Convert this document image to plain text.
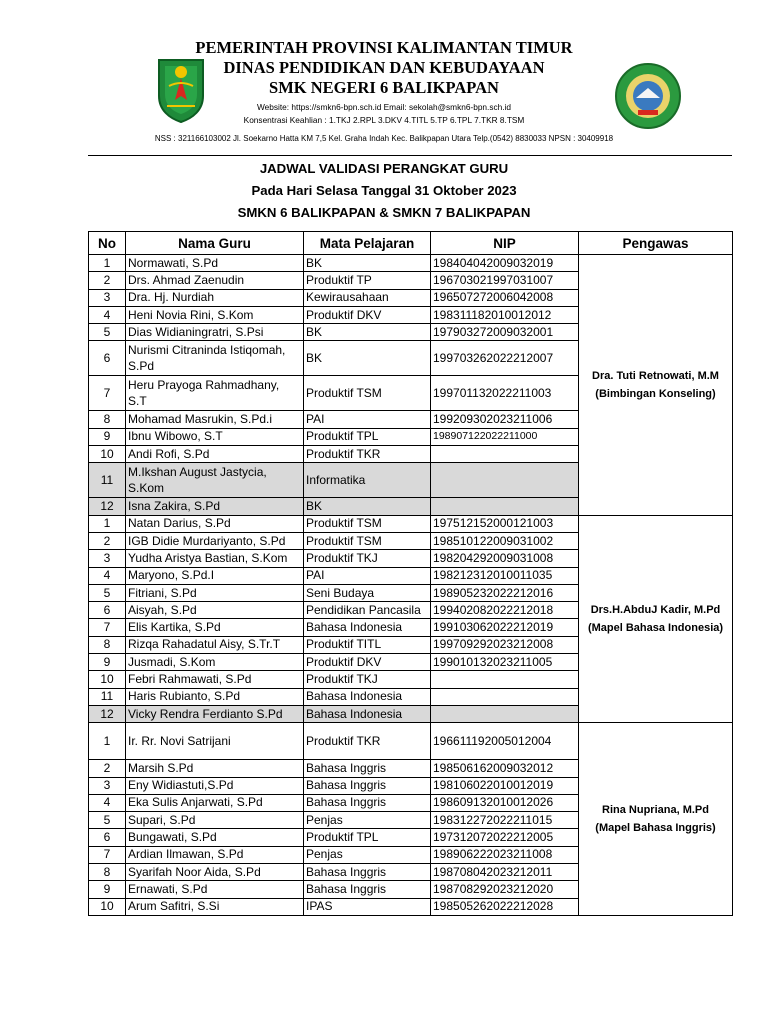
PEMERINTAH PROVINSI KALIMANTAN TIMUR
DINAS PENDIDIKAN DAN KEBUDAYAAN
SMK NEGERI 6 BALIKPAPAN
Website: https://smkn6-bpn.sch.id Email: sekolah@smkn6-bpn.sch.id
Konsentrasi Keahlian : 1.TKJ 2.RPL 3.DKV 4.TITL 5.TP 6.TPL 7.TKR 8.TSM
NSS : 321166103002 Jl. Soekarno Hatta KM 7,5 Kel. Graha Indah Kec. Balikpapan Utara Telp.(0542) 8830033 NPSN : 30409918
JADWAL VALIDASI PERANGKAT GURU
Pada Hari Selasa Tanggal 31 Oktober 2023
SMKN 6 BALIKPAPAN & SMKN 7 BALIKPAPAN
No	Nama Guru	Mata Pelajaran	NIP	Pengawas
1	Normawati, S.Pd	BK	198404042009032019	Dra. Tuti Retnowati, M.M
(Bimbingan Konseling)

2	Drs. Ahmad Zaenudin	Produktif TP	196703021997031007	
3	Dra. Hj. Nurdiah	Kewirausahaan	196507272006042008	
4	Heni Novia Rini, S.Kom	Produktif DKV	198311182010012012	
5	Dias Widianingratri, S.Psi	BK	197903272009032001	
6	Nurismi Citraninda Istiqomah, S.Pd	BK	199703262022212007	
7	Heru Prayoga Rahmadhany, S.T	Produktif TSM	199701132022211003	
8	Mohamad Masrukin, S.Pd.i	PAI	199209302023211006	
9	Ibnu Wibowo, S.T	Produktif TPL	198907122022211000	
10	Andi Rofi, S.Pd	Produktif TKR		
11	M.Ikshan August Jastycia, S.Kom	Informatika		
12	Isna Zakira, S.Pd	BK		
1	Natan Darius, S.Pd	Produktif TSM	197512152000121003	Drs.H.AbduJ Kadir, M.Pd
(Mapel Bahasa Indonesia)

2	IGB Didie Murdariyanto, S.Pd	Produktif TSM	198510122009031002	
3	Yudha Aristya Bastian, S.Kom	Produktif TKJ	198204292009031008	
4	Maryono, S.Pd.I	PAI	198212312010011035	
5	Fitriani, S.Pd	Seni Budaya	198905232022212016	
6	Aisyah, S.Pd	Pendidikan Pancasila	199402082022212018	
7	Elis Kartika, S.Pd	Bahasa Indonesia	199103062022212019	
8	Rizqa Rahadatul Aisy, S.Tr.T	Produktif TITL	199709292023212008	
9	Jusmadi, S.Kom	Produktif DKV	199010132023211005	
10	Febri Rahmawati, S.Pd	Produktif TKJ		
11	Haris Rubianto, S.Pd	Bahasa Indonesia		
12	Vicky Rendra Ferdianto S.Pd	Bahasa Indonesia		
1	Ir. Rr. Novi Satrijani	Produktif TKR	196611192005012004	Rina Nupriana, M.Pd
(Mapel Bahasa Inggris)

2	Marsih S.Pd	Bahasa Inggris	198506162009032012	
3	Eny Widiastuti,S.Pd	Bahasa Inggris	198106022010012019	
4	Eka Sulis Anjarwati, S.Pd	Bahasa Inggris	198609132010012026	
5	Supari, S.Pd	Penjas	198312272022211015	
6	Bungawati, S.Pd	Produktif TPL	197312072022212005	
7	Ardian Ilmawan, S.Pd	Penjas	198906222023211008	
8	Syarifah Noor Aida, S.Pd	Bahasa Inggris	198708042023212011	
9	Ernawati, S.Pd	Bahasa Inggris	198708292023212020	
10	Arum Safitri, S.Si	IPAS	198505262022212028	
